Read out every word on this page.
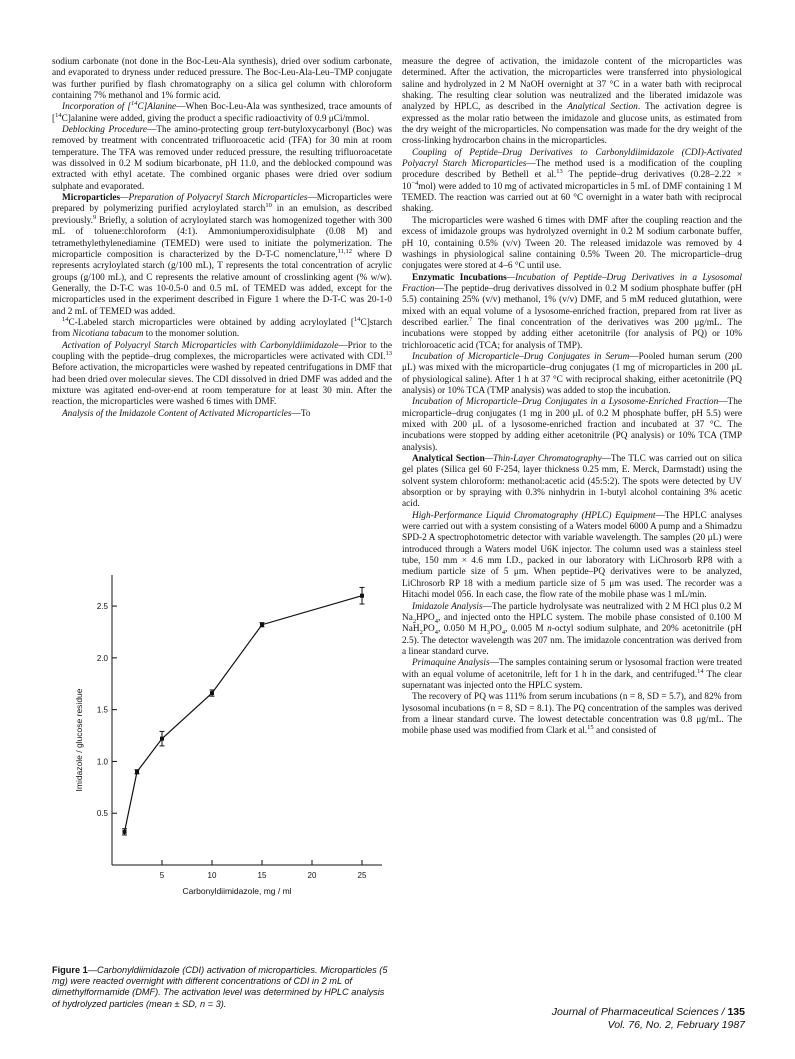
sodium carbonate (not done in the Boc-Leu-Ala synthesis), dried over sodium carbonate, and evaporated to dryness under reduced pressure. The Boc-Leu-Ala-Leu–TMP conjugate was further purified by flash chromatography on a silica gel column with chloroform containing 7% methanol and 1% formic acid.

Incorporation of [$^{14}$C]Alanine—When Boc-Leu-Ala was synthesized, trace amounts of [$^{14}$C]alanine were added, giving the product a specific radioactivity of 0.9 μCi/mmol.

Deblocking Procedure—The amino-protecting group tert-butyloxycarbonyl (Boc) was removed by treatment with concentrated trifluoroacetic acid (TFA) for 30 min at room temperature. The TFA was removed under reduced pressure, the resulting trifluoroacetate was dissolved in 0.2 M sodium bicarbonate, pH 11.0, and the deblocked compound was extracted with ethyl acetate. The combined organic phases were dried over sodium sulphate and evaporated.

Microparticles—Preparation of Polyacryl Starch Microparticles—Microparticles were prepared by polymerizing purified acryloylated starch$^{10}$ in an emulsion, as described previously.$^9$ Briefly, a solution of acryloylated starch was homogenized together with 300 mL of toluene:chloroform (4:1). Ammoniumperoxidisulphate (0.08 M) and tetramethylethylenediamine (TEMED) were used to initiate the polymerization. The microparticle composition is characterized by the D-T-C nomenclature,$^{11,12}$ where D represents acryloylated starch (g/100 mL), T represents the total concentration of acrylic groups (g/100 mL), and C represents the relative amount of crosslinking agent (% w/w). Generally, the D-T-C was 10-0.5-0 and 0.5 mL of TEMED was added, except for the microparticles used in the experiment described in Figure 1 where the D-T-C was 20-1-0 and 2 mL of TEMED was added.

$^{14}$C-Labeled starch microparticles were obtained by adding acryloylated [$^{14}$C]starch from Nicotiana tabacum to the monomer solution.

Activation of Polyacryl Starch Microparticles with Carbonyldiimidazole—Prior to the coupling with the peptide–drug complexes, the microparticles were activated with CDI.$^{13}$ Before activation, the microparticles were washed by repeated centrifugations in DMF that had been dried over molecular sieves. The CDI dissolved in dried DMF was added and the mixture was agitated end-over-end at room temperature for at least 30 min. After the reaction, the microparticles were washed 6 times with DMF.

Analysis of the Imidazole Content of Activated Microparticles—To

measure the degree of activation, the imidazole content of the microparticles was determined. After the activation, the microparticles were transferred into physiological saline and hydrolyzed in 2 M NaOH overnight at 37 °C in a water bath with reciprocal shaking. The resulting clear solution was neutralized and the liberated imidazole was analyzed by HPLC, as described in the Analytical Section. The activation degree is expressed as the molar ratio between the imidazole and glucose units, as estimated from the dry weight of the microparticles. No compensation was made for the dry weight of the cross-linking hydrocarbon chains in the microparticles.

Coupling of Peptide–Drug Derivatives to Carbonyldiimidazole (CDI)-Activated Polyacryl Starch Microparticles—The method used is a modification of the coupling procedure described by Bethell et al.$^{13}$ The peptide–drug derivatives $(0.28-2.22 \times 10^{-4}mol)$ were added to 10 mg of activated microparticles in 5 mL of DMF containing 1 M TEMED. The reaction was carried out at 60 °C overnight in a water bath with reciprocal shaking.

The microparticles were washed 6 times with DMF after the coupling reaction and the excess of imidazole groups was hydrolyzed overnight in 0.2 M sodium carbonate buffer, pH 10, containing 0.5% (v/v) Tween 20. The released imidazole was removed by 4 washings in physiological saline containing 0.5% Tween 20. The microparticle–drug conjugates were stored at 4–6 °C until use.

Enzymatic Incubations—Incubation of Peptide–Drug Derivatives in a Lysosomal Fraction—The peptide–drug derivatives dissolved in 0.2 M sodium phosphate buffer (pH 5.5) containing 25% (v/v) methanol, 1% (v/v) DMF, and 5 mM reduced glutathion, were mixed with an equal volume of a lysosome-enriched fraction, prepared from rat liver as described earlier.$^7$ The final concentration of the derivatives was 200 μg/mL. The incubations were stopped by adding either acetonitrile (for analysis of PQ) or 10% trichloroacetic acid (TCA; for analysis of TMP).

Incubation of Microparticle–Drug Conjugates in Serum—Pooled human serum (200 μL) was mixed with the microparticle–drug conjugates (1 mg of microparticles in 200 μL of physiological saline). After 1 h at 37 °C with reciprocal shaking, either acetonitrile (PQ analysis) or 10% TCA (TMP analysis) was added to stop the incubation.

Incubation of Microparticle–Drug Conjugates in a Lysosome-Enriched Fraction—The microparticle–drug conjugates (1 mg in 200 μL of 0.2 M phosphate buffer, pH 5.5) were mixed with 200 μL of a lysosome-enriched fraction and incubated at 37 °C. The incubations were stopped by adding either acetonitrile (PQ analysis) or 10% TCA (TMP analysis).

Analytical Section—Thin-Layer Chromatography—The TLC was carried out on silica gel plates (Silica gel 60 F-254, layer thickness 0.25 mm, E. Merck, Darmstadt) using the solvent system chloroform: methanol:acetic acid (45:5:2). The spots were detected by UV absorption or by spraying with 0.3% ninhydrin in 1-butyl alcohol containing 3% acetic acid.

High-Performance Liquid Chromatography (HPLC) Equipment—The HPLC analyses were carried out with a system consisting of a Waters model 6000 A pump and a Shimadzu SPD-2 A spectrophotometric detector with variable wavelength. The samples (20 μL) were introduced through a Waters model U6K injector. The column used was a stainless steel tube, 150 mm × 4.6 mm I.D., packed in our laboratory with LiChrosorb RP8 with a medium particle size of 5 μm. When peptide–PQ derivatives were to be analyzed, LiChrosorb RP 18 with a medium particle size of 5 μm was used. The recorder was a Hitachi model 056. In each case, the flow rate of the mobile phase was 1 mL/min.

Imidazole Analysis—The particle hydrolysate was neutralized with 2 M HCl plus 0.2 M $Na_2HPO_4$, and injected onto the HPLC system. The mobile phase consisted of 0.100 M $NaH_2PO_4$, 0.050 M $H_3PO_4$, 0.005 M n-octyl sodium sulphate, and 20% acetonitrile (pH 2.5). The detector wavelength was 207 nm. The imidazole concentration was derived from a linear standard curve.

Primaquine Analysis—The samples containing serum or lysosomal fraction were treated with an equal volume of acetonitrile, left for 1 h in the dark, and centrifuged.$^{14}$ The clear supernatant was injected onto the HPLC system.

The recovery of PQ was 111% from serum incubations (n = 8, SD = 5.7), and 82% from lysosomal incubations (n = 8, SD = 8.1). The PQ concentration of the samples was derived from a linear standard curve. The lowest detectable concentration was 0.8 μg/mL. The mobile phase used was modified from Clark et al.$^{15}$ and consisted of

5	10	15	20	25
0.5
1.0
1.5
2.0
2.5
Carbonyldiimidazole, mg / ml
Imidazole / glucose residue
Figure 1—Carbonyldiimidazole (CDI) activation of microparticles. Microparticles (5 mg) were reacted overnight with different concentrations of CDI in 2 mL of dimethylformamide (DMF). The activation level was determined by HPLC analysis of hydrolyzed particles (mean ± SD, n = 3).
Journal of Pharmaceutical Sciences / 135
Vol. 76, No. 2, February 1987
